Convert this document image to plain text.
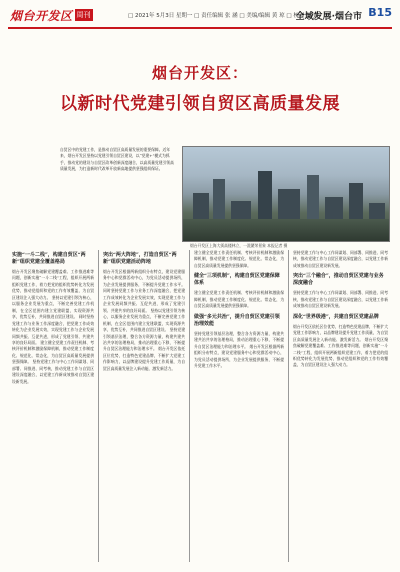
烟台开发区 周刊	□ 2021年 5月3日 星期一 □ 责任编辑 张 涵 □ 美编/编辑 黄 琼 □ 校对 刘 鑫
全域发展·烟台市 B15
烟台开发区：
以新时代党建引领自贸区高质量发展
自贸区中的党建工作，是推动自贸区高质量发展的重要保障。近年来，烟台开发区坚持以党建引领自贸区建设，以“党建+”模式为抓手，推动党的建设与自贸区改革创新深度融合，以高质量党建引领高质量发展，为打造新时代改革开放新高地提供坚强组织保证。
烟台开发区上海大街高楼林立，一派繁荣景象 本报记者 摄
实施“一斗二栈”，构建自贸区“两新”组织党建全覆盖格局
烟台开发区聚焦破解党建覆盖难、工作推进难等问题，创新实施“一斗二栈”工程，组织开展两新组织党建工作，着力把党的组织优势转化为发展优势，推动党组织和党的工作有效覆盖，为自贸区建设注入强大动力。 坚持以党建引领为核心，以服务企业发展为重点，不断完善党建工作机制，在全区范围内建立党建联盟，实现资源共享，优势互补，共同推进自贸区建设。 同时坚持党建工作与业务工作深度融合，把党建工作成效转化为企业发展实效，实现党建工作与企业发展同频共振、互促共进，形成了党建引领、共建共享的良好局面。 建立健全党建工作责任机制、考核评价机制和激励保障机制，推动党建工作制度化、规范化、常态化，为自贸区高质量发展提供坚强保障。 坚持党建工作与中心工作同谋划、同部署、同推进、同考核，推动党建工作与自贸区建设深度融合，以党建工作新成效推动自贸区建设新发展。
突出“两大阵地”，打造自贸区“两新”组织党建活动阵地
烟台开发区根据两新组织分布特点，建设党建服务中心和党群活动中心，为党员活动提供场所，为企业发展提供服务，不断提升党建工作水平。 同时坚持党建工作与业务工作深度融合，把党建工作成效转化为企业发展实效，实现党建工作与企业发展同频共振、互促共进，形成了党建引领、共建共享的良好局面。 坚持以党建引领为核心，以服务企业发展为重点，不断完善党建工作机制，在全区范围内建立党建联盟，实现资源共享，优势互补，共同推进自贸区建设。 坚持党建引领基层治理，整合各方资源力量，构建共建共治共享的治理格局，推动治理重心下移，不断提升自贸区治理能力和治理水平。 烟台开发区依托区位优势，打造特色党建品牌，不断扩大党建工作影响力，以品牌建设提升党建工作质量，为自贸区高质量发展注入新动能、激发新活力。
建立健全党建工作责任机制、考核评价机制和激励保障机制，推动党建工作制度化、规范化、常态化，为自贸区高质量发展提供坚强保障。
健全“三项机制”，构建自贸区党建保障体系
建立健全党建工作责任机制、考核评价机制和激励保障机制，推动党建工作制度化、规范化、常态化，为自贸区高质量发展提供坚强保障。
做强“多元共治”，提升自贸区党建引领治理效能
坚持党建引领基层治理，整合各方资源力量，构建共建共治共享的治理格局，推动治理重心下移，不断提升自贸区治理能力和治理水平。 烟台开发区根据两新组织分布特点，建设党建服务中心和党群活动中心，为党员活动提供场所，为企业发展提供服务，不断提升党建工作水平。
坚持党建工作与中心工作同谋划、同部署、同推进、同考核，推动党建工作与自贸区建设深度融合，以党建工作新成效推动自贸区建设新发展。
突出“三个融合”，推动自贸区党建与业务深度融合
坚持党建工作与中心工作同谋划、同部署、同推进、同考核，推动党建工作与自贸区建设深度融合，以党建工作新成效推动自贸区建设新发展。
深化“世界级港”，共建自贸区党建品牌
烟台开发区依托区位优势，打造特色党建品牌，不断扩大党建工作影响力，以品牌建设提升党建工作质量，为自贸区高质量发展注入新动能、激发新活力。 烟台开发区聚焦破解党建覆盖难、工作推进难等问题，创新实施“一斗二栈”工程，组织开展两新组织党建工作，着力把党的组织优势转化为发展优势，推动党组织和党的工作有效覆盖，为自贸区建设注入强大动力。
